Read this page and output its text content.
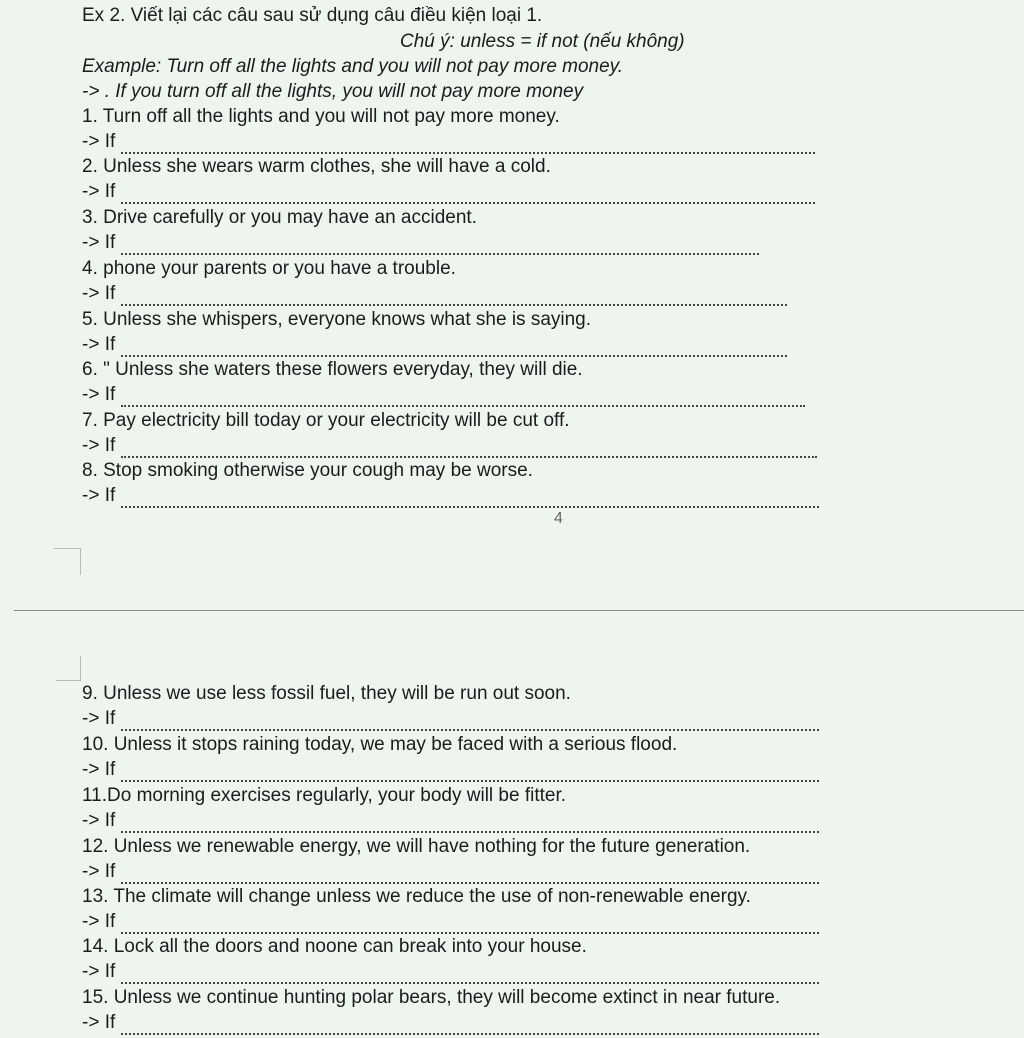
Ex 2. Viết lại các câu sau sử dụng câu điều kiện loại 1.
Chú ý: unless = if not (nếu không)
Example: Turn off all the lights and you will not pay more money.
-> . If you turn off all the lights, you will not pay more money
1. Turn off all the lights and you will not pay more money.
-> If
2. Unless she wears warm clothes, she will have a cold.
-> If
3. Drive carefully or you may have an accident.
-> If
4. phone your parents or you have a trouble.
-> If
5. Unless she whispers, everyone knows what she is saying.
-> If
6. " Unless she waters these flowers everyday, they will die.
-> If
7. Pay electricity bill today or your electricity will be cut off.
-> If
8. Stop smoking otherwise your cough may be worse.
-> If
4
9. Unless we use less fossil fuel, they will be run out soon.
-> If
10. Unless it stops raining today, we may be faced with a serious flood.
-> If
11.Do morning exercises regularly, your body will be fitter.
-> If
12. Unless we renewable energy, we will have nothing for the future generation.
-> If
13. The climate will change unless we reduce the use of non-renewable energy.
-> If
14. Lock all the doors and noone can break into your house.
-> If
15. Unless we continue hunting polar bears, they will become extinct in near future.
-> If
